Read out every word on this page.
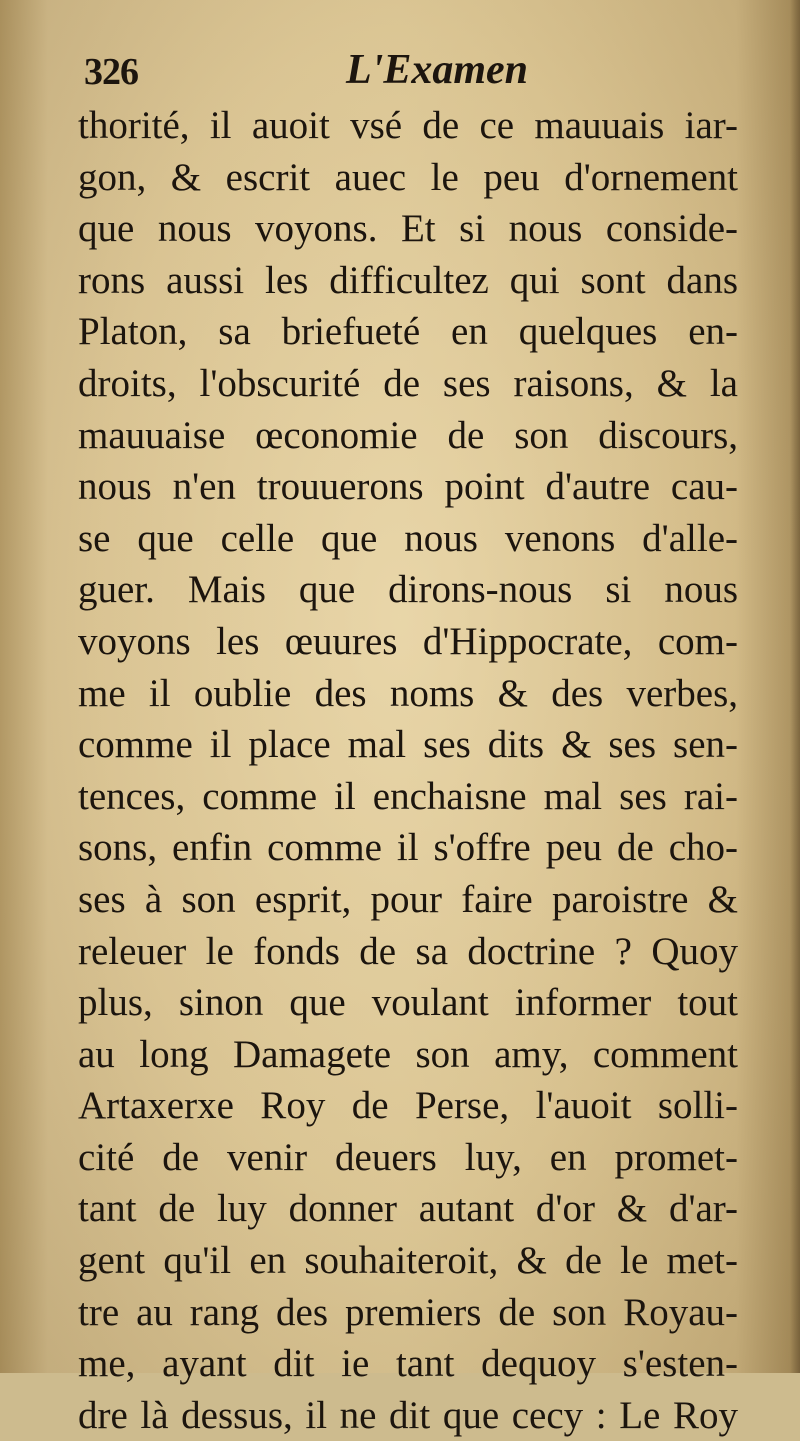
326	L'Examen
thorité, il auoit vsé de ce mauuais iar-
gon, & escrit auec le peu d'ornement
que nous voyons. Et si nous conside-
rons aussi les difficultez qui sont dans
Platon, sa briefueté en quelques en-
droits, l'obscurité de ses raisons, & la
mauuaise œconomie de son discours,
nous n'en trouuerons point d'autre cau-
se que celle que nous venons d'alle-
guer. Mais que dirons-nous si nous
voyons les œuures d'Hippocrate, com-
me il oublie des noms & des verbes,
comme il place mal ses dits & ses sen-
tences, comme il enchaisne mal ses rai-
sons, enfin comme il s'offre peu de cho-
ses à son esprit, pour faire paroistre &
releuer le fonds de sa doctrine ? Quoy
plus, sinon que voulant informer tout
au long Damagete son amy, comment
Artaxerxe Roy de Perse, l'auoit solli-
cité de venir deuers luy, en promet-
tant de luy donner autant d'or & d'ar-
gent qu'il en souhaiteroit, & de le met-
tre au rang des premiers de son Royau-
me, ayant dit ie tant dequoy s'esten-
dre là dessus, il ne dit que cecy : Le Roy
